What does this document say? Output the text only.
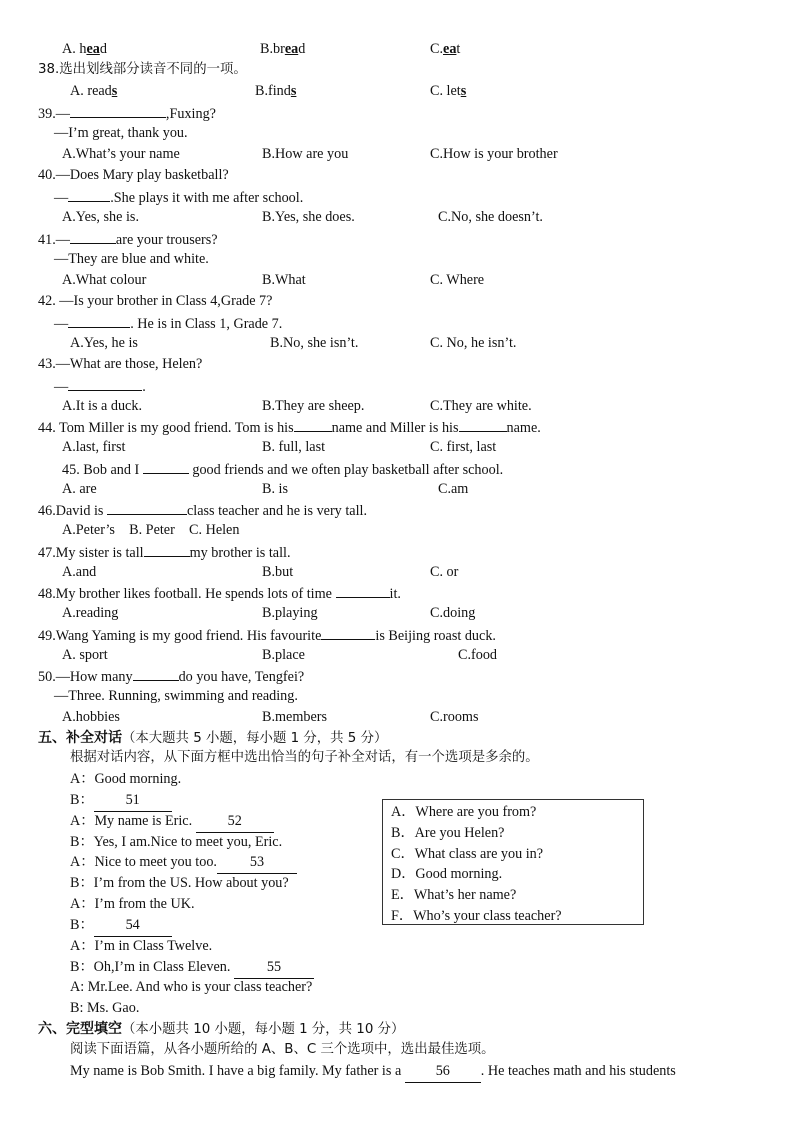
A. head	B.bread	C.eat
38.选出划线部分读音不同的一项。
A. reads	B.finds	C. lets
39.—	,Fuxing?
—I’m great, thank you.
A.What’s your name	B.How are you	C.How is your brother
40.—Does Mary play basketball?
—	.She plays it with me after school.
A.Yes, she is.	B.Yes, she does.	C.No, she doesn’t.
41.—	are your trousers?
—They are blue and white.
A.What colour	B.What	C. Where
42. —Is your brother in Class 4,Grade 7?
—	. He is in Class 1, Grade 7.
A.Yes, he is	B.No, she isn’t.	C. No, he isn’t.
43.—What are those, Helen?
—	.
A.It is a duck.	B.They are sheep.	C.They are white.
44. Tom Miller is my good friend. Tom is his	name and Miller is his	name.
A.last, first	B. full, last	C. first, last
45. Bob and I	good friends and we often play basketball after school.
A. are	B. is	C.am
46.David is	class teacher and he is very tall.
A.Peter’s    B. Peter    C. Helen
47.My sister is tall	my brother is tall.
A.and	B.but	C. or
48.My brother likes football. He spends lots of time	it.
A.reading	B.playing	C.doing
49.Wang Yaming is my good friend. His favourite	is Beijing roast duck.
A. sport	B.place	C.food
50.—How many	do you have, Tengfei?
—Three. Running, swimming and reading.
A.hobbies	B.members	C.rooms
五、补全对话（本大题共 5 小题，每小题 1 分，共 5 分）
根据对话内容，从下面方框中选出恰当的句子补全对话，有一个选项是多余的。
A：Good morning.
B： 51
A：My name is Eric. 52
B：Yes, I am.Nice to meet you, Eric.
A：Nice to meet you too. 53
B：I’m from the US. How about you?
A：I’m from the UK.
B： 54
A：I’m in Class Twelve.
B：Oh,I’m in Class Eleven.	55
A: Mr.Lee. And who is your class teacher?
B: Ms. Gao.
A．Where are you from?
B．Are you Helen?
C．What class are you in?
D．Good morning.
E．What’s her name?
F．Who’s your class teacher?
六、完型填空（本小题共 10 小题，每小题 1 分，共 10 分）
阅读下面语篇，从各小题所给的 A、B、C 三个选项中，选出最佳选项。
My name is Bob Smith. I have a big family. My father is a 56 . He teaches math and his students
